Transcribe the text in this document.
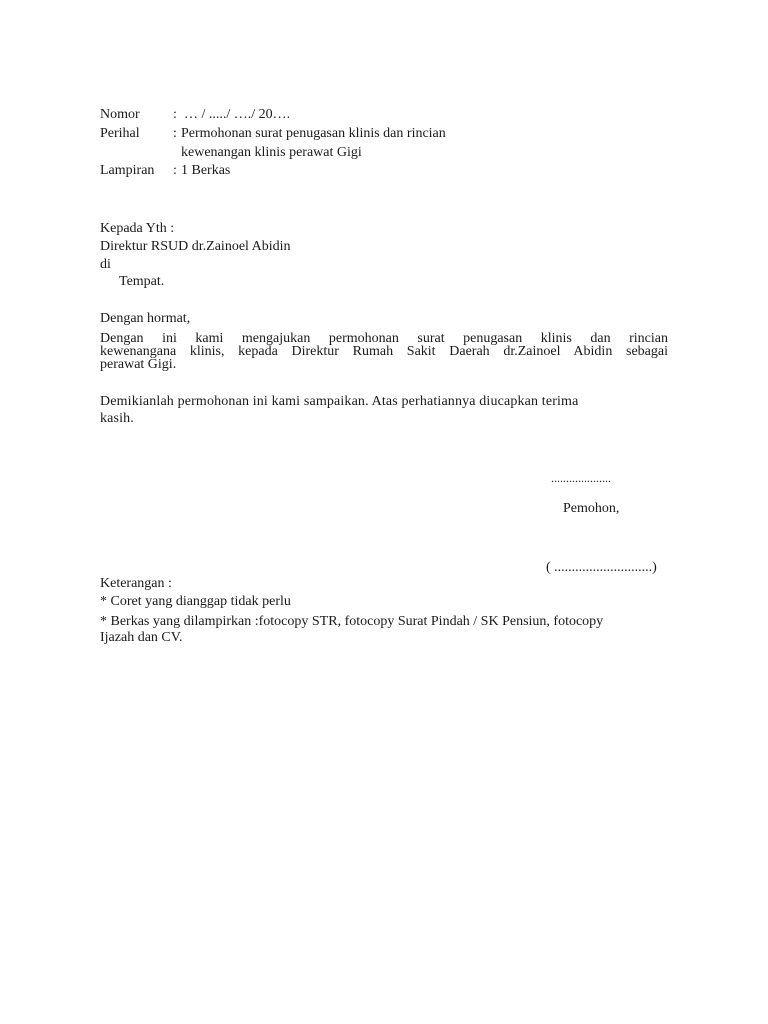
Nomor : … / ...../ …./ 20….
Perihal : Permohonan surat penugasan klinis dan rincian
kewenangan klinis perawat Gigi
Lampiran : 1 Berkas
Kepada Yth :
Direktur RSUD dr.Zainoel Abidin
di
Tempat.
Dengan hormat,
Dengan ini kami mengajukan permohonan surat penugasan klinis dan rincian
kewenangana klinis, kepada Direktur Rumah Sakit Daerah dr.Zainoel Abidin sebagai
perawat Gigi.
Demikianlah permohonan ini kami sampaikan. Atas perhatiannya diucapkan terima
kasih.
....................
Pemohon,
( ............................)
Keterangan :
* Coret yang dianggap tidak perlu
* Berkas yang dilampirkan :fotocopy STR, fotocopy Surat Pindah / SK Pensiun, fotocopy
Ijazah dan CV.
